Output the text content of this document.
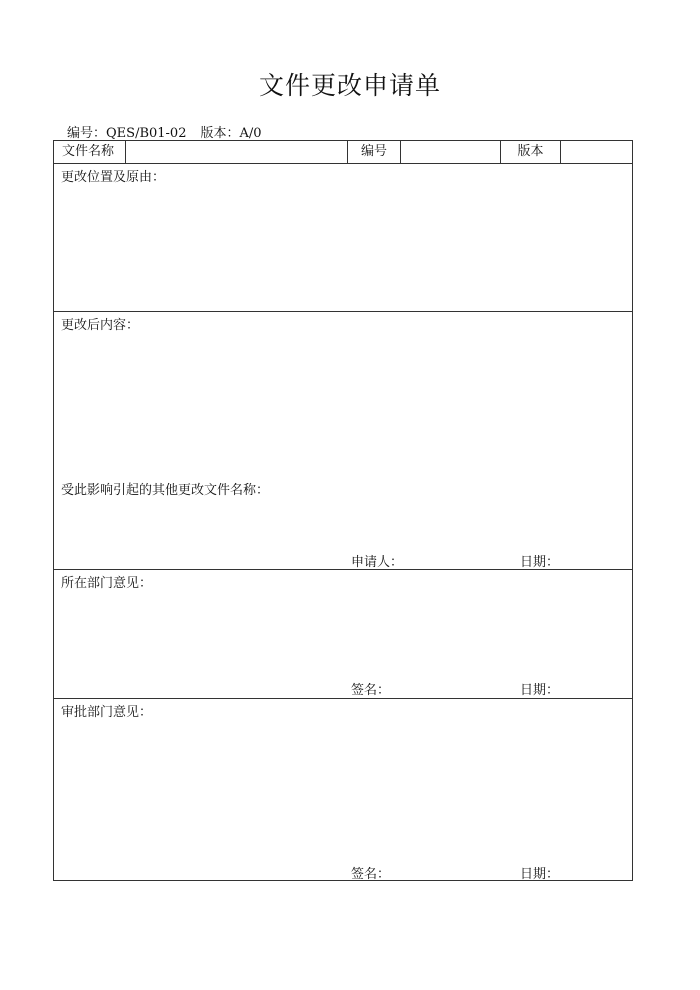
文件更改申请单
编号：QES/B01-02 版本：A/0
文件名称	编号	版本
更改位置及原由：
更改后内容：
受此影响引起的其他更改文件名称：
申请人：	日期：
所在部门意见：
签名：	日期：
审批部门意见：
签名：	日期：
